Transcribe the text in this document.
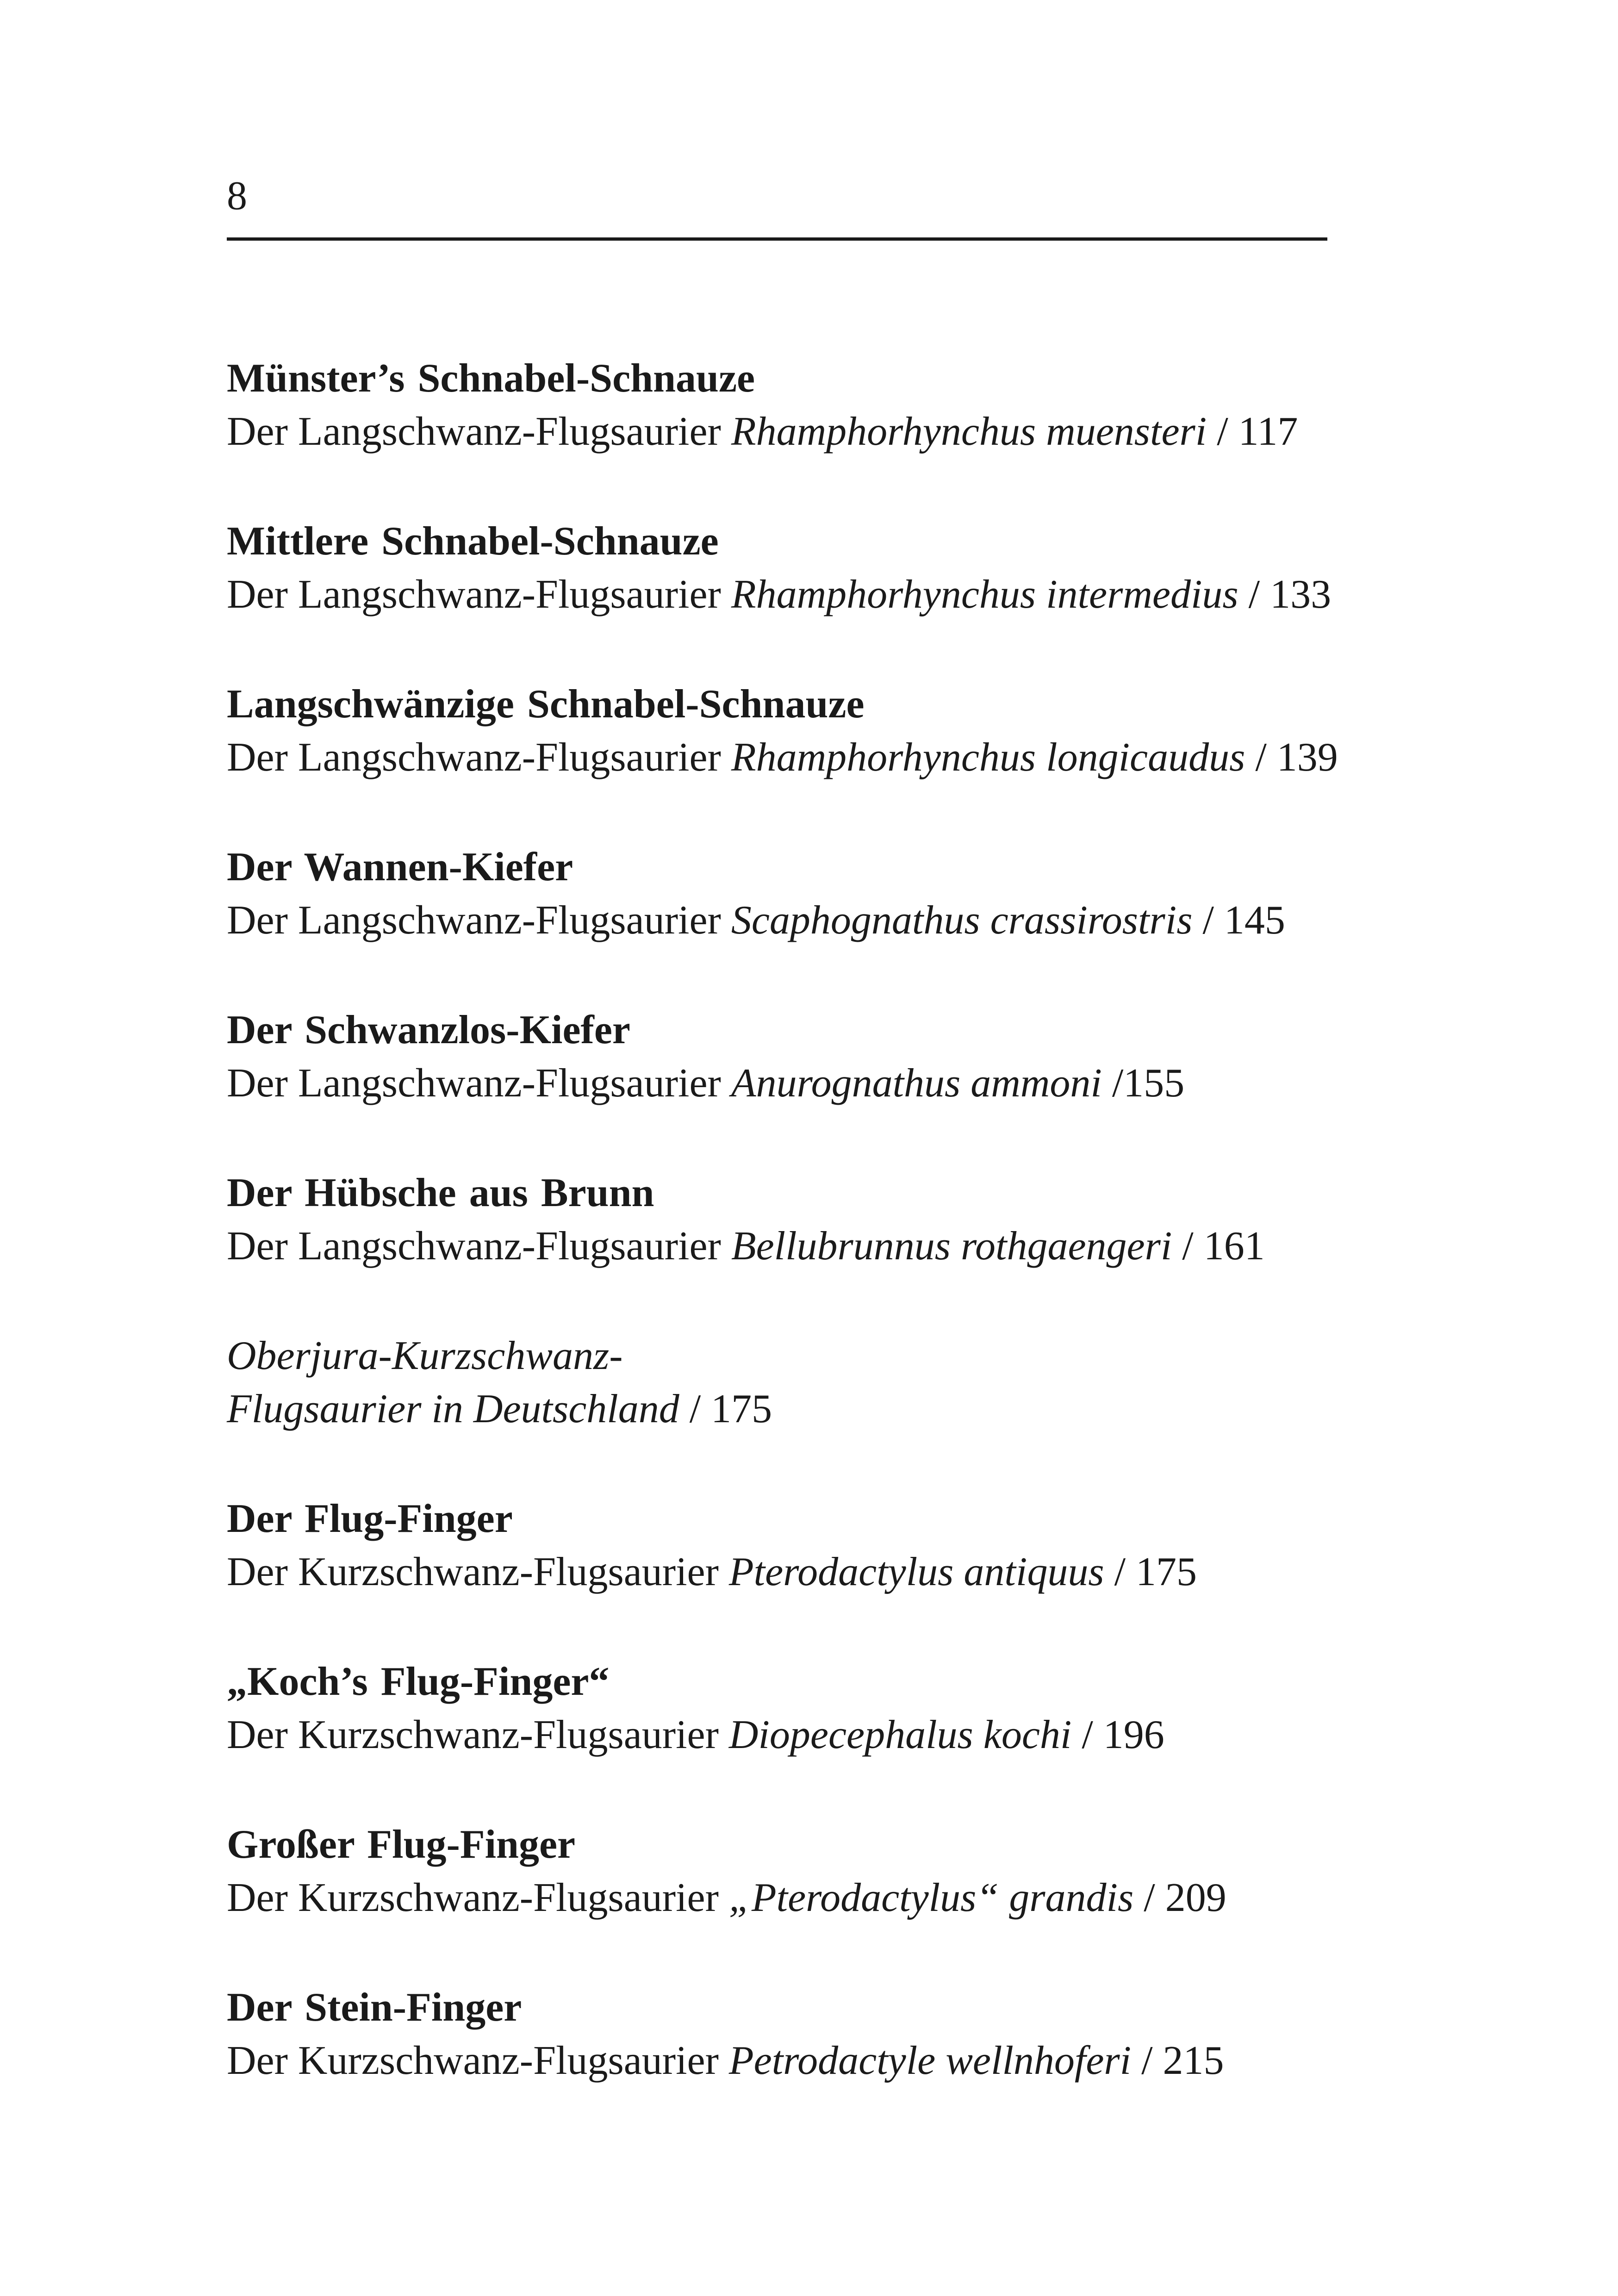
8
Münster’s Schnabel-Schnauze
Der Langschwanz-Flugsaurier Rhamphorhynchus muensteri / 117
Mittlere Schnabel-Schnauze
Der Langschwanz-Flugsaurier Rhamphorhynchus intermedius / 133
Langschwänzige Schnabel-Schnauze
Der Langschwanz-Flugsaurier Rhamphorhynchus longicaudus / 139
Der Wannen-Kiefer
Der Langschwanz-Flugsaurier Scaphognathus crassirostris / 145
Der Schwanzlos-Kiefer
Der Langschwanz-Flugsaurier Anurognathus ammoni /155
Der Hübsche aus Brunn
Der Langschwanz-Flugsaurier Bellubrunnus rothgaengeri / 161
Oberjura-Kurzschwanz-
Flugsaurier in Deutschland / 175
Der Flug-Finger
Der Kurzschwanz-Flugsaurier Pterodactylus antiquus / 175
„Koch’s Flug-Finger“
Der Kurzschwanz-Flugsaurier Diopecephalus kochi / 196
Großer Flug-Finger
Der Kurzschwanz-Flugsaurier „Pterodactylus“ grandis / 209
Der Stein-Finger
Der Kurzschwanz-Flugsaurier Petrodactyle wellnhoferi / 215
